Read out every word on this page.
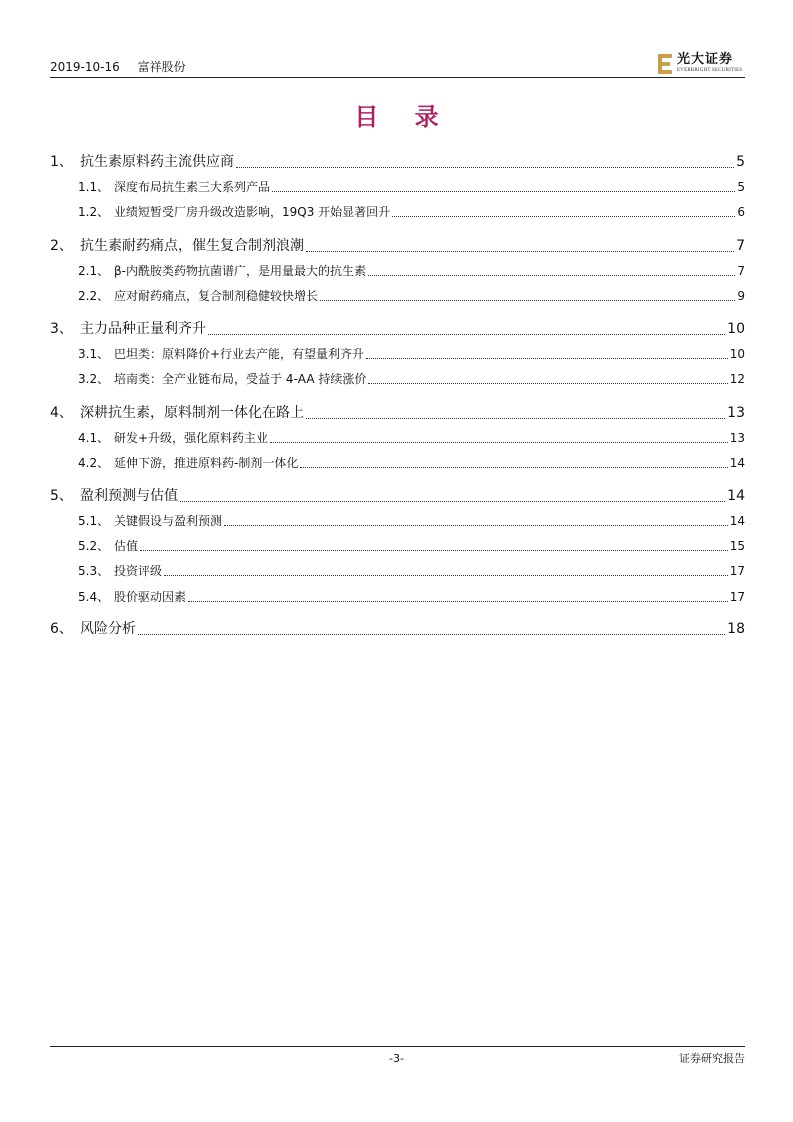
2019-10-16 富祥股份	光大证券
EVERBRIGHT SECURITIES
目 录
1、 抗生素原料药主流供应商	5
1.1、 深度布局抗生素三大系列产品	5
1.2、 业绩短暂受厂房升级改造影响，19Q3 开始显著回升	6
2、 抗生素耐药痛点，催生复合制剂浪潮	7
2.1、 β-内酰胺类药物抗菌谱广，是用量最大的抗生素	7
2.2、 应对耐药痛点，复合制剂稳健较快增长	9
3、 主力品种正量利齐升	10
3.1、 巴坦类：原料降价+行业去产能，有望量利齐升	10
3.2、 培南类：全产业链布局，受益于 4-AA 持续涨价	12
4、 深耕抗生素，原料制剂一体化在路上	13
4.1、 研发+升级，强化原料药主业	13
4.2、 延伸下游，推进原料药-制剂一体化	14
5、 盈利预测与估值	14
5.1、 关键假设与盈利预测	14
5.2、 估值	15
5.3、 投资评级	17
5.4、 股价驱动因素	17
6、 风险分析	18
-3-	证券研究报告
